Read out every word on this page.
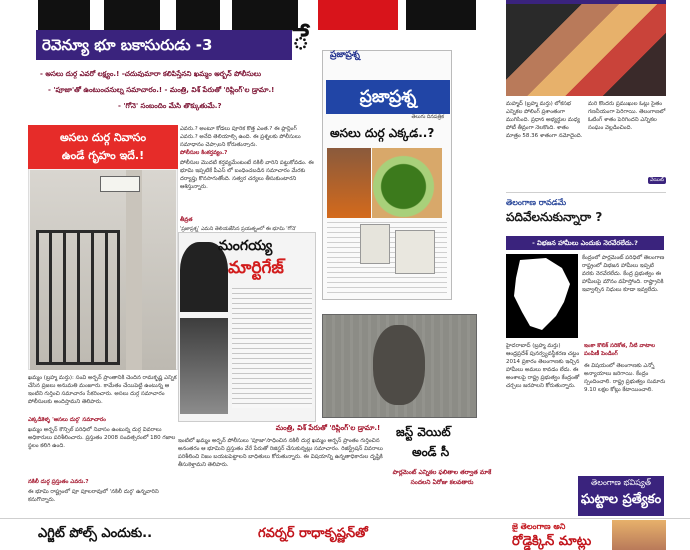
రెవెన్యూ భూ బకాసురుడు -3	ే
- అసలు దుర్గ ఎవరో లక్ష్యం.! -చదువుమారా కలిపిస్తేనని ఖమ్మం అర్బన్ పోలీసులు
- 'పూజా'తో ఉంటుంచనుల్న సమాచారం.! - మంత్రి, విశ్ పేరుతో 'రిప్లింగ్'ల డ్రామా.!
- 'గోనె' సంబందిం మేసి తొక్కుతుమే.?
అసలు దుర్గ నివాసం
ఉండే గృహం ఇదే.!
ఖమ్మం (బ్రహ్మ మర్తు): సంవి అర్బన్ ప్రాంతానికి చెందిన రామకృష్ణ ఎన్నిక చేసిన ప్రజలు అనుమతి మంజూరు. కామేతం చేయిపెట్టి ఉంటున్న ఆ ఇంటిని గుర్తించి సమాచారం సేకరించారు. అసలు దుర్గ సమాచారం పోలీసులకు అందిస్తామని తెలిపారు.
ఎక్కడికెళ్ళ 'అసలు దుర్గ' సమాచారం
ఖమ్మం అర్బన్ కౌన్సిల్ పరిధిలో నివాసం ఉంటున్న దుర్గ వివరాలు అధికారులు పరిశీలించారు. ప్రస్తుతం 2008 సంవత్సరంలో 180 గజాల స్థలం కలిగి ఉంది.
నకిలీ దుర్గ ప్రస్తుతం ఎవరు.?
ఈ భూమి రాష్ట్రంలో పూ పూలరావులో 'నకిలీ దుర్గ' ఉన్నవారిని కనుగొన్నారు.
ఎవరు.? అంటూ కోడలు పూరిక కొత్త ఎంత.? ఈ ప్లాన్లింగ్ ఎవరు.? అనేది తెలియాల్సి ఉంది. ఈ ప్రశ్నలకు పోలీసులు సమాధానం చెప్పాలని కోరుతున్నారు.
పోలీసుల కింకర్తవ్యం.?
పోలీసుల మొదటి కర్తవ్యమేంటంటే నకిలీ వారిని పట్టుకోవడం. ఈ భూమి ఇప్పటికే పీఎస్ లో బంధించబడిన సమాచారం మేరకు దర్యాప్తు కొనసాగుతోంది. సత్వర చర్యలు తీసుకుంటారని ఆశిస్తున్నారు.
తీవ్రత
'ప్రజాప్రశ్న' ఎమని తెలియజేసిన ప్రయత్నంలో ఈ భూమి 'గోనె'
ప్రజాప్రశ్న
ప్రజాప్రశ్న
తెలుగు దినపత్రిక
అసలు దుర్గ ఎక్కడ..?
మంగయ్య
మార్టిగేజ్
మంత్రి, విశ్ పేరుతో 'రిప్లింగ్'ల డ్రామా.!
ఇంటిలో ఖమ్మం అర్బన్ పోలీసులు 'పూజా'సాధించిన నకిలీ దుర్గ ఖమ్మం అర్బన్ ప్రాంతం గుర్తించిన అనంతరం ఆ భూమిని ప్రస్తుతం వేరే పేరుతో రిజిస్టర్ చేసుకున్నట్లు సమాచారం. రిజిస్ట్రేషన్ వివరాలు పరిశీలించి నిజం బయటపెట్టాలని బాధితులు కోరుతున్నారు. ఈ విషయాన్ని ఉన్నతాధికారుల దృష్టికి తీసుకెళ్తామని తెలిపారు.
జస్ట్ వెయిట్
అండ్ సీ
పార్లమెంట్ ఎన్నికల ఫలితాల తర్వాత మాకే సందలని ఏరోజు కలవతారు
మహ్మద్ (బ్రహ్మ మర్తు) లోకసభ ఎన్నికల పోలింగ్ ప్రశాంతంగా ముగిసింది. ప్రధాన అభ్యర్థుల మధ్య పోటీ తీవ్రంగా నెలకొంది. శాతం మాత్రం 58.36 శాతంగా నమోదైంది.
మరి కొందరు ప్రముఖుల ఓట్లు సైతం గణనీయంగా పెరిగాయి. తెలంగాణలో ఓటింగ్ శాతం పెరిగిందని ఎన్నికల సంఘం వెల్లడించింది.
వెయిట్
తెలంగాణ రావడమే
పదివేలనుకున్నారా ?
- విభజన హామీలు ఎందుకు నెరవేరలేదు.?
కేంద్రంలో పార్లమెంట్ పరిధిలో తెలంగాణ రాష్ట్రంలో విభజన హామీలు ఇప్పటి వరకు నెరవేరలేదు. కేంద్ర ప్రభుత్వం ఈ హామీలపై మౌనం వహిస్తోంది. రాష్ట్రానికి ఇవ్వాల్సిన నిధులు కూడా ఇవ్వలేదు.
హైదరాబాద్ (బ్రహ్మ మర్తు) ఆంధ్రప్రదేశ్ పునర్వ్యవస్థీకరణ చట్టం 2014 ప్రకారం తెలంగాణకు ఇచ్చిన హామీలు అమలు కావడం లేదు. ఈ అంశాలపై రాష్ట్ర ప్రభుత్వం కేంద్రంతో చర్చలు జరపాలని కోరుతున్నారు.
ఇంకా కొలిక్ సరికోత, నీటి వాటాల పంపిణీ పెండింగ్
ఈ విషయంలో తెలంగాణకు ఎన్నో అన్యాయాలు జరిగాయి. కేంద్రం స్పందించాలి. రాష్ట్ర ప్రభుత్వం సుమారు 9.10 లక్షల కోట్లు కేటాయించాలి.
తెలంగాణ భవిష్యత్
ఘట్టాల ప్రత్యేకం
ఎగ్జిట్ పోల్స్ ఎందుకు..	గవర్నర్ రాధాకృష్ణన్‌తో	జై తెలంగాణ అని
రోడ్డెక్కిన్ మాట్లు
